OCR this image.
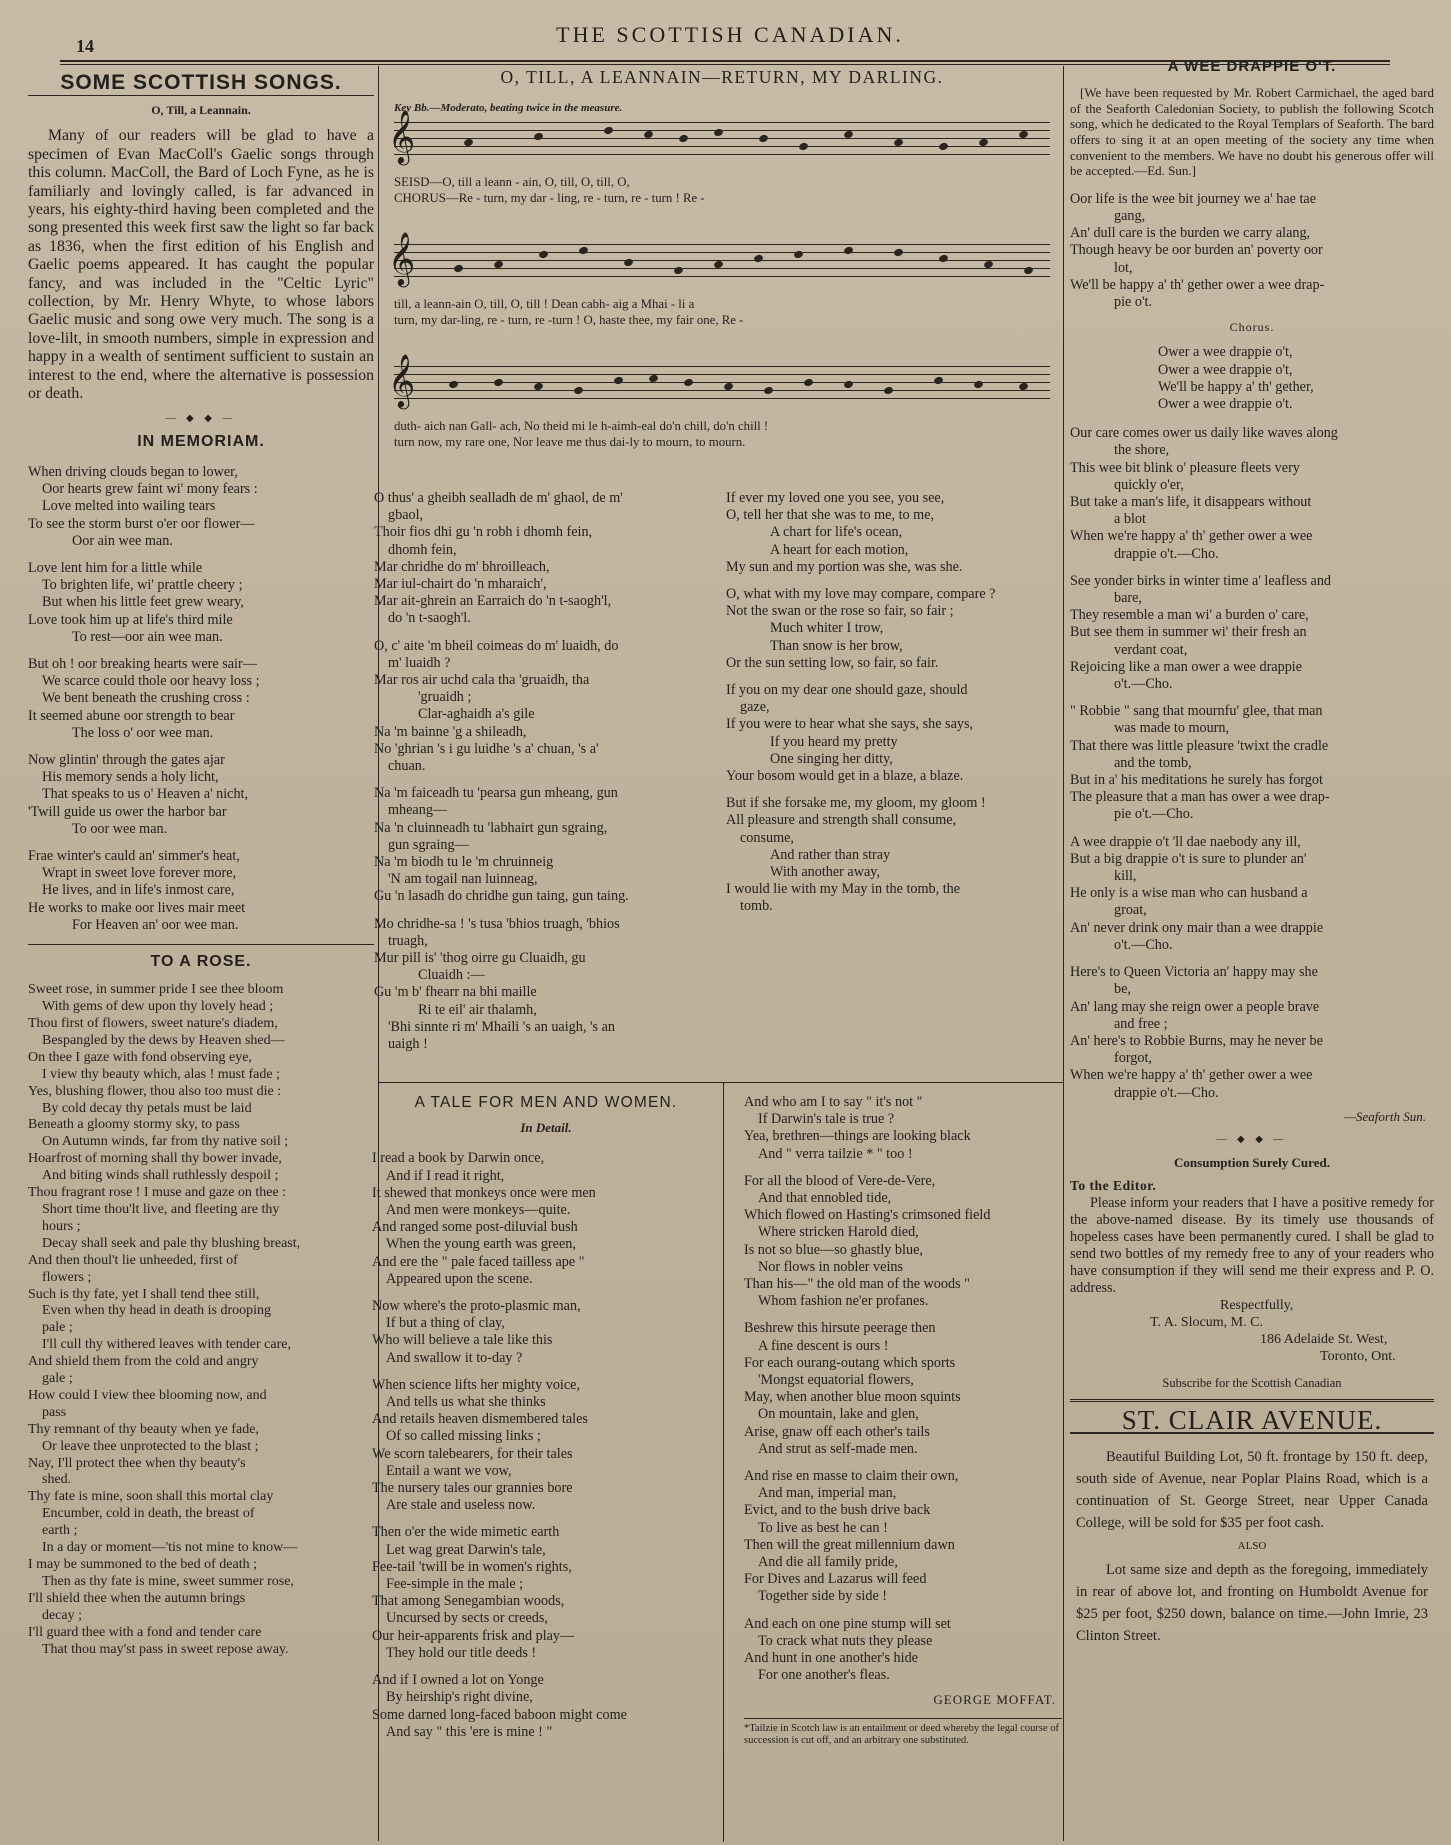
14	THE SCOTTISH CANADIAN.
SOME SCOTTISH SONGS.
O, Till, a Leannain.
Many of our readers will be glad to have a specimen of Evan MacColl's Gaelic songs through this column. MacColl, the Bard of Loch Fyne, as he is familiarly and lovingly called, is far advanced in years, his eighty-third having been completed and the song presented this week first saw the light so far back as 1836, when the first edition of his English and Gaelic poems appeared. It has caught the popular fancy, and was included in the "Celtic Lyric" collection, by Mr. Henry Whyte, to whose labors Gaelic music and song owe very much. The song is a love-lilt, in smooth numbers, simple in expression and happy in a wealth of sentiment sufficient to sustain an interest to the end, where the alternative is possession or death.
— ◆ ◆ —
IN MEMORIAM.
When driving clouds began to lower,
Oor hearts grew faint wi' mony fears :
Love melted into wailing tears
To see the storm burst o'er oor flower—
Oor ain wee man.
Love lent him for a little while
To brighten life, wi' prattle cheery ;
But when his little feet grew weary,
Love took him up at life's third mile
To rest—oor ain wee man.
But oh ! oor breaking hearts were sair—
We scarce could thole oor heavy loss ;
We bent beneath the crushing cross :
It seemed abune oor strength to bear
The loss o' oor wee man.
Now glintin' through the gates ajar
His memory sends a holy licht,
That speaks to us o' Heaven a' nicht,
'Twill guide us ower the harbor bar
To oor wee man.
Frae winter's cauld an' simmer's heat,
Wrapt in sweet love forever more,
He lives, and in life's inmost care,
He works to make oor lives mair meet
For Heaven an' oor wee man.
TO A ROSE.
Sweet rose, in summer pride I see thee bloom
With gems of dew upon thy lovely head ;
Thou first of flowers, sweet nature's diadem,
Bespangled by the dews by Heaven shed—
On thee I gaze with fond observing eye,
I view thy beauty which, alas ! must fade ;
Yes, blushing flower, thou also too must die :
By cold decay thy petals must be laid
Beneath a gloomy stormy sky, to pass
On Autumn winds, far from thy native soil ;
Hoarfrost of morning shall thy bower invade,
And biting winds shall ruthlessly despoil ;
Thou fragrant rose ! I muse and gaze on thee :
Short time thou'lt live, and fleeting are thy
hours ;
Decay shall seek and pale thy blushing breast,
And then thoul't lie unheeded, first of
flowers ;
Such is thy fate, yet I shall tend thee still,
Even when thy head in death is drooping
pale ;
I'll cull thy withered leaves with tender care,
And shield them from the cold and angry
gale ;
How could I view thee blooming now, and
pass
Thy remnant of thy beauty when ye fade,
Or leave thee unprotected to the blast ;
Nay, I'll protect thee when thy beauty's
shed.
Thy fate is mine, soon shall this mortal clay
Encumber, cold in death, the breast of
earth ;
In a day or moment—'tis not mine to know—
I may be summoned to the bed of death ;
Then as thy fate is mine, sweet summer rose,
I'll shield thee when the autumn brings
decay ;
I'll guard thee with a fond and tender care
That thou may'st pass in sweet repose away.
O, TILL, A LEANNAIN—RETURN, MY DARLING.
Key Bb.—Moderato, beating twice in the measure.
𝄞
SEISD—O, till a leann - ain, O, till, O, till, O,
CHORUS—Re - turn, my dar - ling, re - turn, re - turn ! Re -
𝄞
till, a leann-ain O, till, O, till ! Dean cabh- aig a Mhai - li a
turn, my dar-ling, re - turn, re -turn ! O, haste thee, my fair one, Re -
𝄞
duth- aich nan Gall- ach, No theid mi le h-aimh-eal do'n chill, do'n chill !
turn now, my rare one, Nor leave me thus dai-ly to mourn, to mourn.
O thus' a gheibh sealladh de m' ghaol, de m'
gbaol,
Thoir fios dhi gu 'n robh i dhomh fein,
dhomh fein,
Mar chridhe do m' bhroilleach,
Mar iul-chairt do 'n mharaich',
Mar ait-ghrein an Earraich do 'n t-saogh'l,
do 'n t-saogh'l.
O, c' aite 'm bheil coimeas do m' luaidh, do
m' luaidh ?
Mar ros air uchd cala tha 'gruaidh, tha
'gruaidh ;
Clar-aghaidh a's gile
Na 'm bainne 'g a shileadh,
No 'ghrian 's i gu luidhe 's a' chuan, 's a'
chuan.
Na 'm faiceadh tu 'pearsa gun mheang, gun
mheang—
Na 'n cluinneadh tu 'labhairt gun sgraing,
gun sgraing—
Na 'm biodh tu le 'm chruinneig
'N am togail nan luinneag,
Gu 'n lasadh do chridhe gun taing, gun taing.
Mo chridhe-sa ! 's tusa 'bhios truagh, 'bhios
truagh,
Mur pill is' 'thog oirre gu Cluaidh, gu
Cluaidh :—
Gu 'm b' fhearr na bhi maille
Ri te eil' air thalamh,
'Bhi sinnte ri m' Mhaili 's an uaigh, 's an
uaigh !
If ever my loved one you see, you see,
O, tell her that she was to me, to me,
A chart for life's ocean,
A heart for each motion,
My sun and my portion was she, was she.
O, what with my love may compare, compare ?
Not the swan or the rose so fair, so fair ;
Much whiter I trow,
Than snow is her brow,
Or the sun setting low, so fair, so fair.
If you on my dear one should gaze, should
gaze,
If you were to hear what she says, she says,
If you heard my pretty
One singing her ditty,
Your bosom would get in a blaze, a blaze.
But if she forsake me, my gloom, my gloom !
All pleasure and strength shall consume,
consume,
And rather than stray
With another away,
I would lie with my May in the tomb, the
tomb.
A TALE FOR MEN AND WOMEN.
In Detail.
I read a book by Darwin once,
And if I read it right,
It shewed that monkeys once were men
And men were monkeys—quite.
And ranged some post-diluvial bush
When the young earth was green,
And ere the " pale faced tailless ape "
Appeared upon the scene.
Now where's the proto-plasmic man,
If but a thing of clay,
Who will believe a tale like this
And swallow it to-day ?
When science lifts her mighty voice,
And tells us what she thinks
And retails heaven dismembered tales
Of so called missing links ;
We scorn talebearers, for their tales
Entail a want we vow,
The nursery tales our grannies bore
Are stale and useless now.
Then o'er the wide mimetic earth
Let wag great Darwin's tale,
Fee-tail 'twill be in women's rights,
Fee-simple in the male ;
That among Senegambian woods,
Uncursed by sects or creeds,
Our heir-apparents frisk and play—
They hold our title deeds !
And if I owned a lot on Yonge
By heirship's right divine,
Some darned long-faced baboon might come
And say " this 'ere is mine ! "
And who am I to say " it's not "
If Darwin's tale is true ?
Yea, brethren—things are looking black
And " verra tailzie * " too !
For all the blood of Vere-de-Vere,
And that ennobled tide,
Which flowed on Hasting's crimsoned field
Where stricken Harold died,
Is not so blue—so ghastly blue,
Nor flows in nobler veins
Than his—" the old man of the woods "
Whom fashion ne'er profanes.
Beshrew this hirsute peerage then
A fine descent is ours !
For each ourang-outang which sports
'Mongst equatorial flowers,
May, when another blue moon squints
On mountain, lake and glen,
Arise, gnaw off each other's tails
And strut as self-made men.
And rise en masse to claim their own,
And man, imperial man,
Evict, and to the bush drive back
To live as best he can !
Then will the great millennium dawn
And die all family pride,
For Dives and Lazarus will feed
Together side by side !
And each on one pine stump will set
To crack what nuts they please
And hunt in one another's hide
For one another's fleas.
GEORGE MOFFAT.
*Tailzie in Scotch law is an entailment or deed whereby the legal course of succession is cut off, and an arbitrary one substituted.
A WEE DRAPPIE O'T.
[We have been requested by Mr. Robert Carmichael, the aged bard of the Seaforth Caledonian Society, to publish the following Scotch song, which he dedicated to the Royal Templars of Seaforth. The bard offers to sing it at an open meeting of the society any time when convenient to the members. We have no doubt his generous offer will be accepted.—Ed. Sun.]
Oor life is the wee bit journey we a' hae tae
gang,
An' dull care is the burden we carry alang,
Though heavy be oor burden an' poverty oor
lot,
We'll be happy a' th' gether ower a wee drap-
pie o't.
Chorus.
Ower a wee drappie o't,
Ower a wee drappie o't,
We'll be happy a' th' gether,
Ower a wee drappie o't.
Our care comes ower us daily like waves along
the shore,
This wee bit blink o' pleasure fleets very
quickly o'er,
But take a man's life, it disappears without
a blot
When we're happy a' th' gether ower a wee
drappie o't.—Cho.
See yonder birks in winter time a' leafless and
bare,
They resemble a man wi' a burden o' care,
But see them in summer wi' their fresh an
verdant coat,
Rejoicing like a man ower a wee drappie
o't.—Cho.
" Robbie " sang that mournfu' glee, that man
was made to mourn,
That there was little pleasure 'twixt the cradle
and the tomb,
But in a' his meditations he surely has forgot
The pleasure that a man has ower a wee drap-
pie o't.—Cho.
A wee drappie o't 'll dae naebody any ill,
But a big drappie o't is sure to plunder an'
kill,
He only is a wise man who can husband a
groat,
An' never drink ony mair than a wee drappie
o't.—Cho.
Here's to Queen Victoria an' happy may she
be,
An' lang may she reign ower a people brave
and free ;
An' here's to Robbie Burns, may he never be
forgot,
When we're happy a' th' gether ower a wee
drappie o't.—Cho.
—Seaforth Sun.
— ◆ ◆ —
Consumption Surely Cured.
To the Editor.
Please inform your readers that I have a positive remedy for the above-named disease. By its timely use thousands of hopeless cases have been permanently cured. I shall be glad to send two bottles of my remedy free to any of your readers who have consumption if they will send me their express and P. O. address.
Respectfully,
T. A. Slocum, M. C.
186 Adelaide St. West,
Toronto, Ont.
Subscribe for the Scottish Canadian
ST. CLAIR AVENUE.
Beautiful Building Lot, 50 ft. frontage by 150 ft. deep, south side of Avenue, near Poplar Plains Road, which is a continuation of St. George Street, near Upper Canada College, will be sold for $35 per foot cash.
ALSO
Lot same size and depth as the foregoing, immediately in rear of above lot, and fronting on Humboldt Avenue for $25 per foot, $250 down, balance on time.—John Imrie, 23 Clinton Street.
